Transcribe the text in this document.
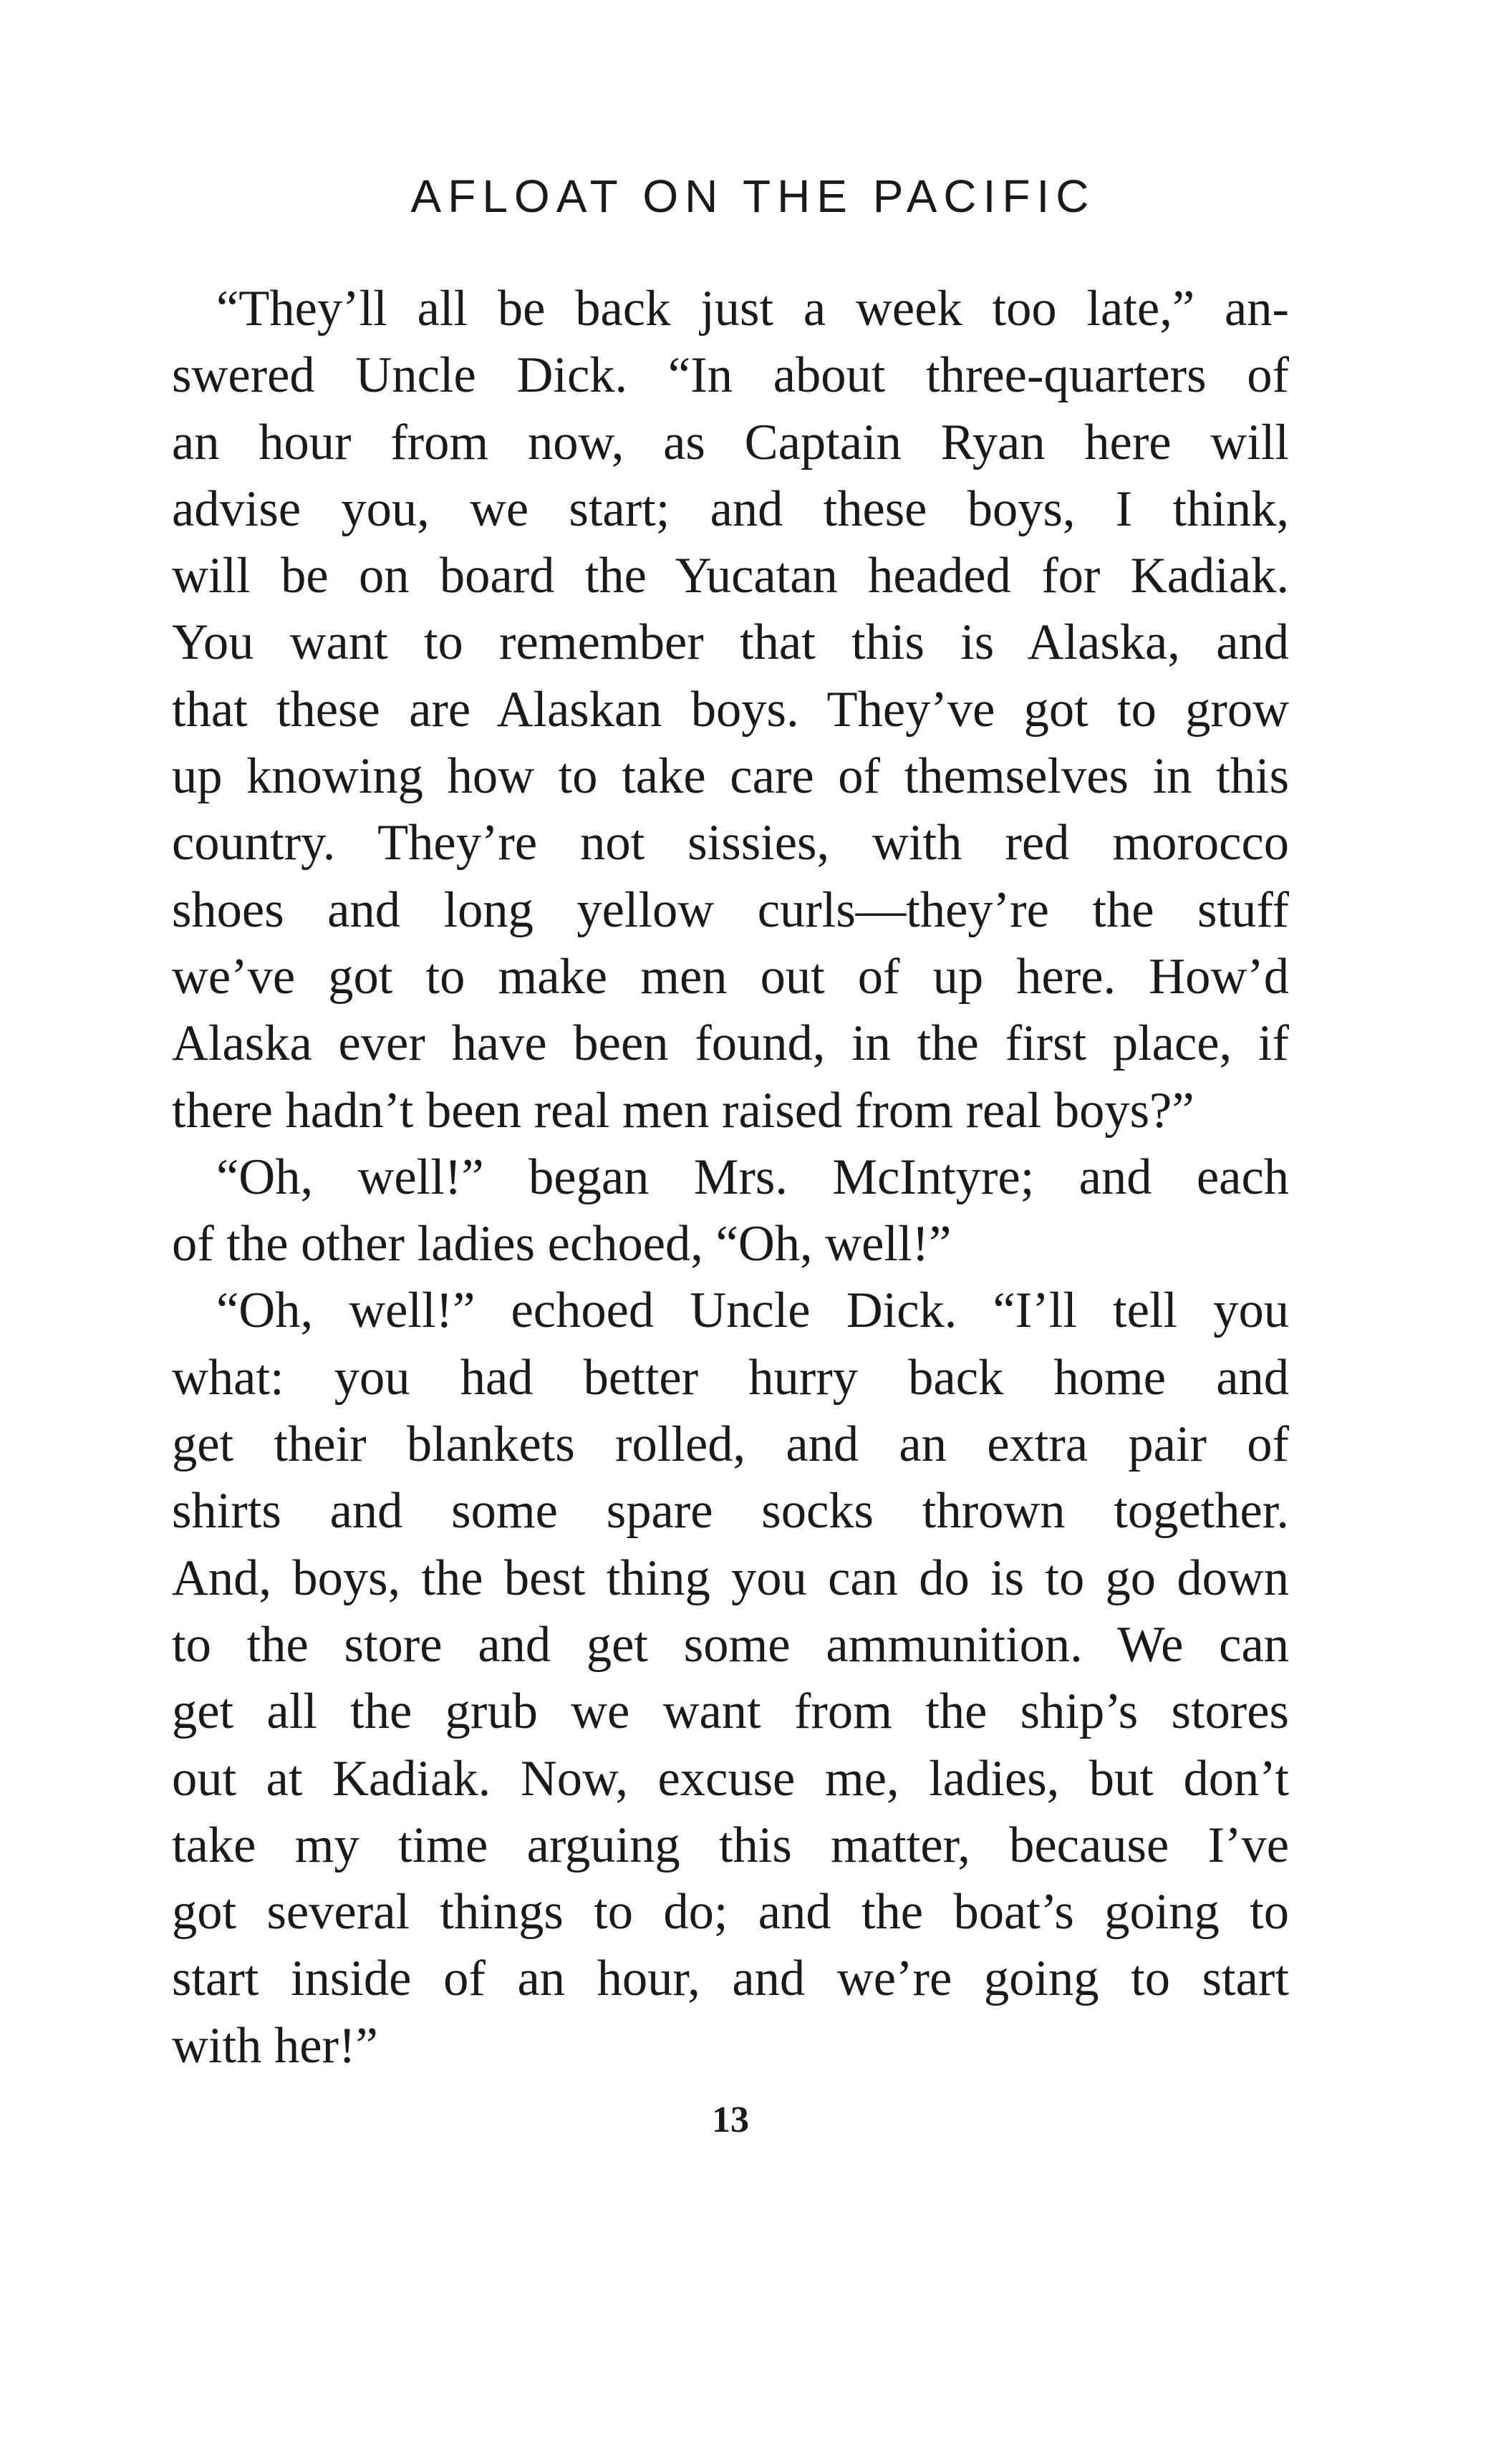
AFLOAT ON THE PACIFIC
“They’ll all be back just a week too late,” an-
swered Uncle Dick. “In about three-quarters of
an hour from now, as Captain Ryan here will
advise you, we start; and these boys, I think,
will be on board the Yucatan headed for Kadiak.
You want to remember that this is Alaska, and
that these are Alaskan boys. They’ve got to grow
up knowing how to take care of themselves in this
country. They’re not sissies, with red morocco
shoes and long yellow curls—they’re the stuff
we’ve got to make men out of up here. How’d
Alaska ever have been found, in the first place, if
there hadn’t been real men raised from real boys?”
“Oh, well!” began Mrs. McIntyre; and each
of the other ladies echoed, “Oh, well!”
“Oh, well!” echoed Uncle Dick. “I’ll tell you
what: you had better hurry back home and
get their blankets rolled, and an extra pair of
shirts and some spare socks thrown together.
And, boys, the best thing you can do is to go down
to the store and get some ammunition. We can
get all the grub we want from the ship’s stores
out at Kadiak. Now, excuse me, ladies, but don’t
take my time arguing this matter, because I’ve
got several things to do; and the boat’s going to
start inside of an hour, and we’re going to start
with her!”
13
